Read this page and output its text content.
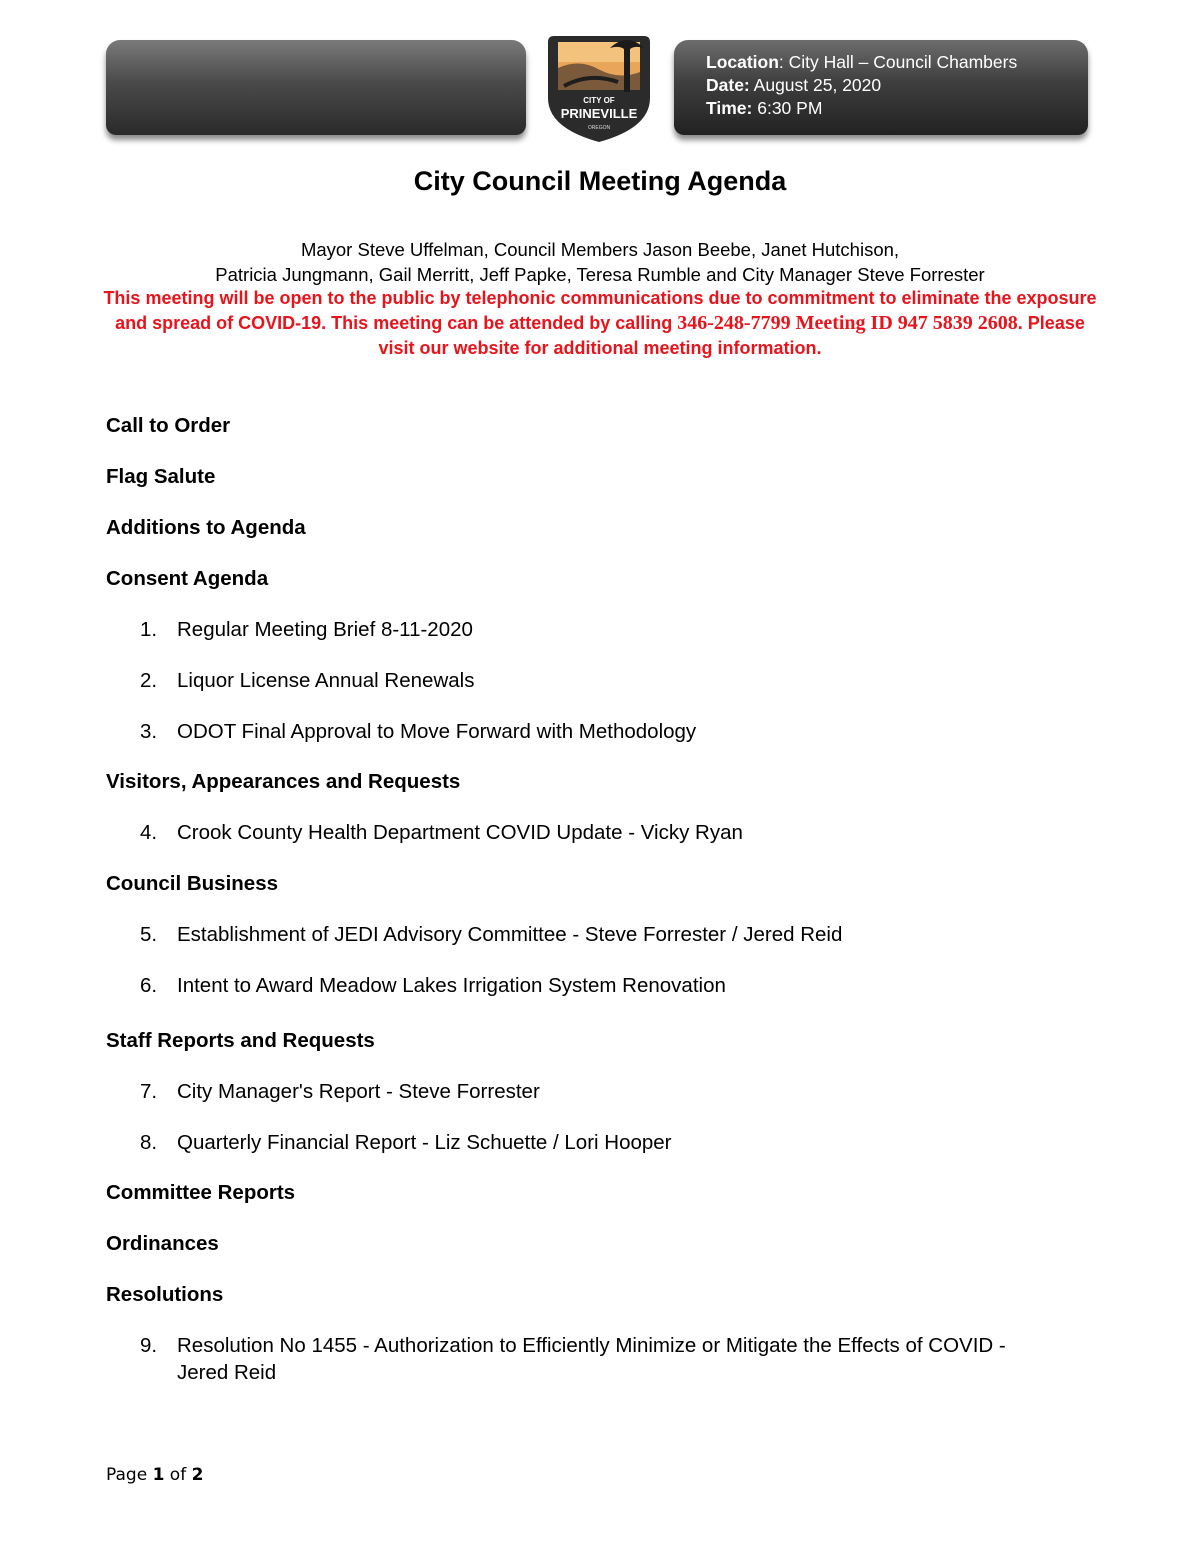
CITY OF
PRINEVILLE
OREGON
Location: City Hall – Council Chambers
Date: August 25, 2020
Time: 6:30 PM
City Council Meeting Agenda
Mayor Steve Uffelman, Council Members Jason Beebe, Janet Hutchison,
Patricia Jungmann, Gail Merritt, Jeff Papke, Teresa Rumble and City Manager Steve Forrester
This meeting will be open to the public by telephonic communications due to commitment to eliminate the exposure and spread of COVID-19. This meeting can be attended by calling 346-248-7799 Meeting ID 947 5839 2608. Please visit our website for additional meeting information.
Call to Order
Flag Salute
Additions to Agenda
Consent Agenda
1. Regular Meeting Brief 8-11-2020
2. Liquor License Annual Renewals
3. ODOT Final Approval to Move Forward with Methodology
Visitors, Appearances and Requests
4. Crook County Health Department COVID Update - Vicky Ryan
Council Business
5. Establishment of JEDI Advisory Committee - Steve Forrester / Jered Reid
6. Intent to Award Meadow Lakes Irrigation System Renovation
Staff Reports and Requests
7. City Manager's Report - Steve Forrester
8. Quarterly Financial Report - Liz Schuette / Lori Hooper
Committee Reports
Ordinances
Resolutions
9. Resolution No 1455 - Authorization to Efficiently Minimize or Mitigate the Effects of COVID - Jered Reid
Page 1 of 2
